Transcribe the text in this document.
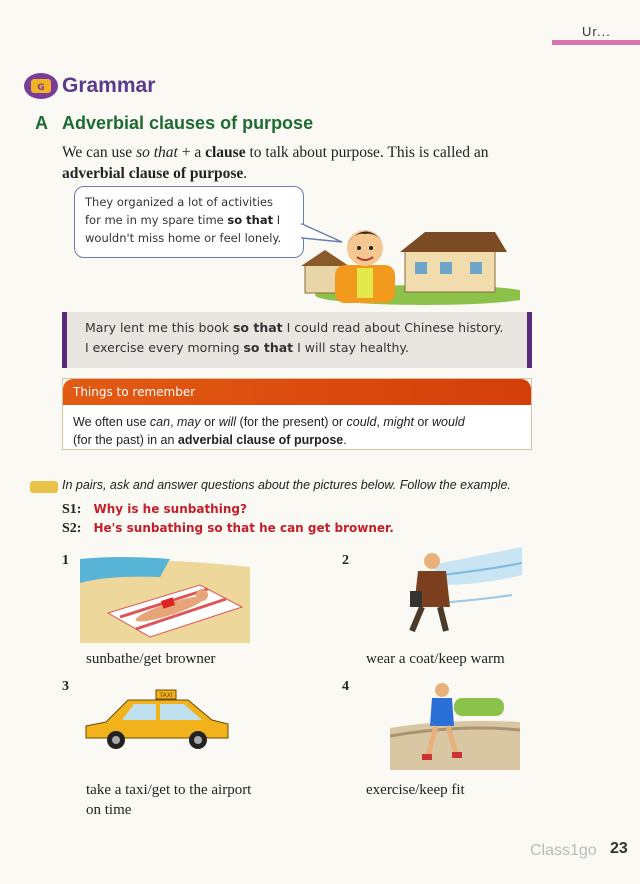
Ur...
G Grammar
A Adverbial clauses of purpose
We can use so that + a clause to talk about purpose. This is called an
adverbial clause of purpose.
They organized a lot of activities
for me in my spare time so that I
wouldn't miss home or feel lonely.
Mary lent me this book so that I could read about Chinese history.
I exercise every morning so that I will stay healthy.
Things to remember
We often use can, may or will (for the present) or could, might or would
(for the past) in an adverbial clause of purpose.
In pairs, ask and answer questions about the pictures below. Follow the example.
S1: Why is he sunbathing?
S2: He's sunbathing so that he can get browner.
1
sunbathe/get browner
2
wear a coat/keep warm
3
TAXI
take a taxi/get to the airport on time
4
exercise/keep fit
Class1go 23
